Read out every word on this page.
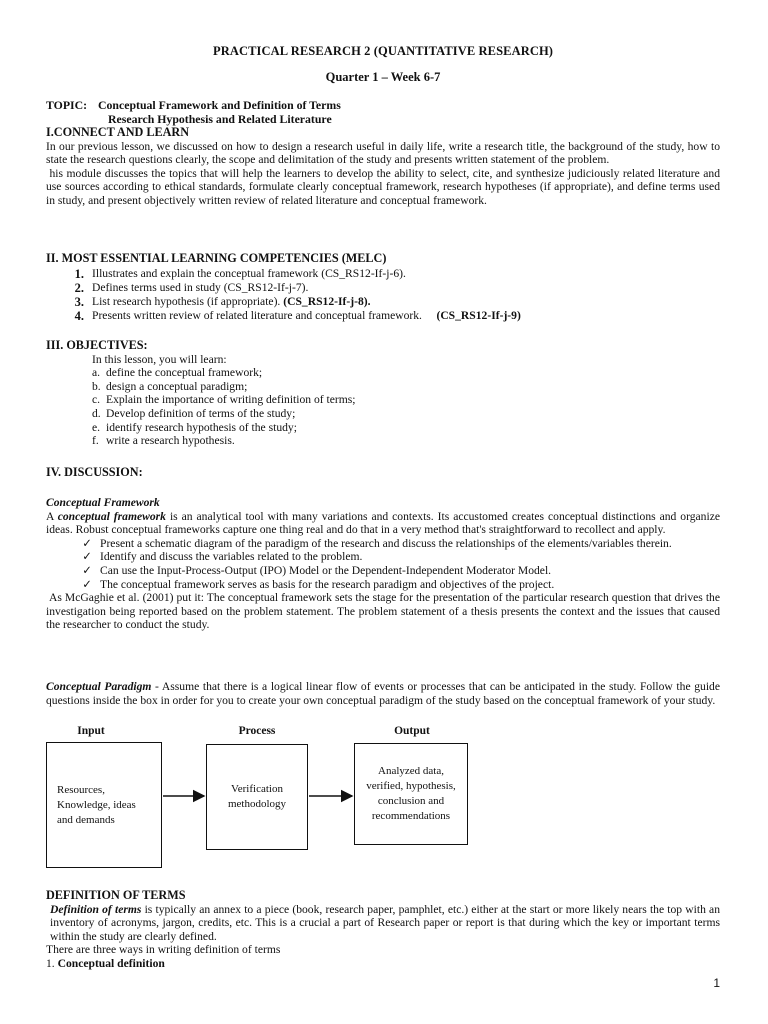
PRACTICAL RESEARCH 2 (QUANTITATIVE RESEARCH)
Quarter 1 – Week 6-7
TOPIC: Conceptual Framework and Definition of Terms
Research Hypothesis and Related Literature
I.CONNECT AND LEARN
In our previous lesson, we discussed on how to design a research useful in daily life, write a research title, the background of the study, how to state the research questions clearly, the scope and delimitation of the study and presents written statement of the problem.
his module discusses the topics that will help the learners to develop the ability to select, cite, and synthesize judiciously related literature and use sources according to ethical standards, formulate clearly conceptual framework, research hypotheses (if appropriate), and define terms used in study, and present objectively written review of related literature and conceptual framework.
II. MOST ESSENTIAL LEARNING COMPETENCIES (MELC)
1. Illustrates and explain the conceptual framework (CS_RS12-If-j-6).
2. Defines terms used in study (CS_RS12-If-j-7).
3. List research hypothesis (if appropriate). (CS_RS12-If-j-8).
4. Presents written review of related literature and conceptual framework. (CS_RS12-If-j-9)
III. OBJECTIVES:
In this lesson, you will learn:
a. define the conceptual framework;
b. design a conceptual paradigm;
c. Explain the importance of writing definition of terms;
d. Develop definition of terms of the study;
e. identify research hypothesis of the study;
f. write a research hypothesis.
IV. DISCUSSION:
Conceptual Framework
A conceptual framework is an analytical tool with many variations and contexts. Its accustomed creates conceptual distinctions and organize ideas. Robust conceptual frameworks capture one thing real and do that in a very method that's straightforward to recollect and apply.
✓ Present a schematic diagram of the paradigm of the research and discuss the relationships of the elements/variables therein.
✓ Identify and discuss the variables related to the problem.
✓ Can use the Input-Process-Output (IPO) Model or the Dependent-Independent Moderator Model.
✓ The conceptual framework serves as basis for the research paradigm and objectives of the project.
As McGaghie et al. (2001) put it: The conceptual framework sets the stage for the presentation of the particular research question that drives the investigation being reported based on the problem statement. The problem statement of a thesis presents the context and the issues that caused the researcher to conduct the study.
Conceptual Paradigm - Assume that there is a logical linear flow of events or processes that can be anticipated in the study. Follow the guide questions inside the box in order for you to create your own conceptual paradigm of the study based on the conceptual framework of your study.
Input	Process	Output
Resources, Knowledge, ideas and demands
Verification methodology
Analyzed data, verified, hypothesis, conclusion and recommendations
DEFINITION OF TERMS
Definition of terms is typically an annex to a piece (book, research paper, pamphlet, etc.) either at the start or more likely nears the top with an inventory of acronyms, jargon, credits, etc. This is a crucial a part of Research paper or report is that during which the key or important terms within the study are clearly defined.
There are three ways in writing definition of terms
1. Conceptual definition
1
